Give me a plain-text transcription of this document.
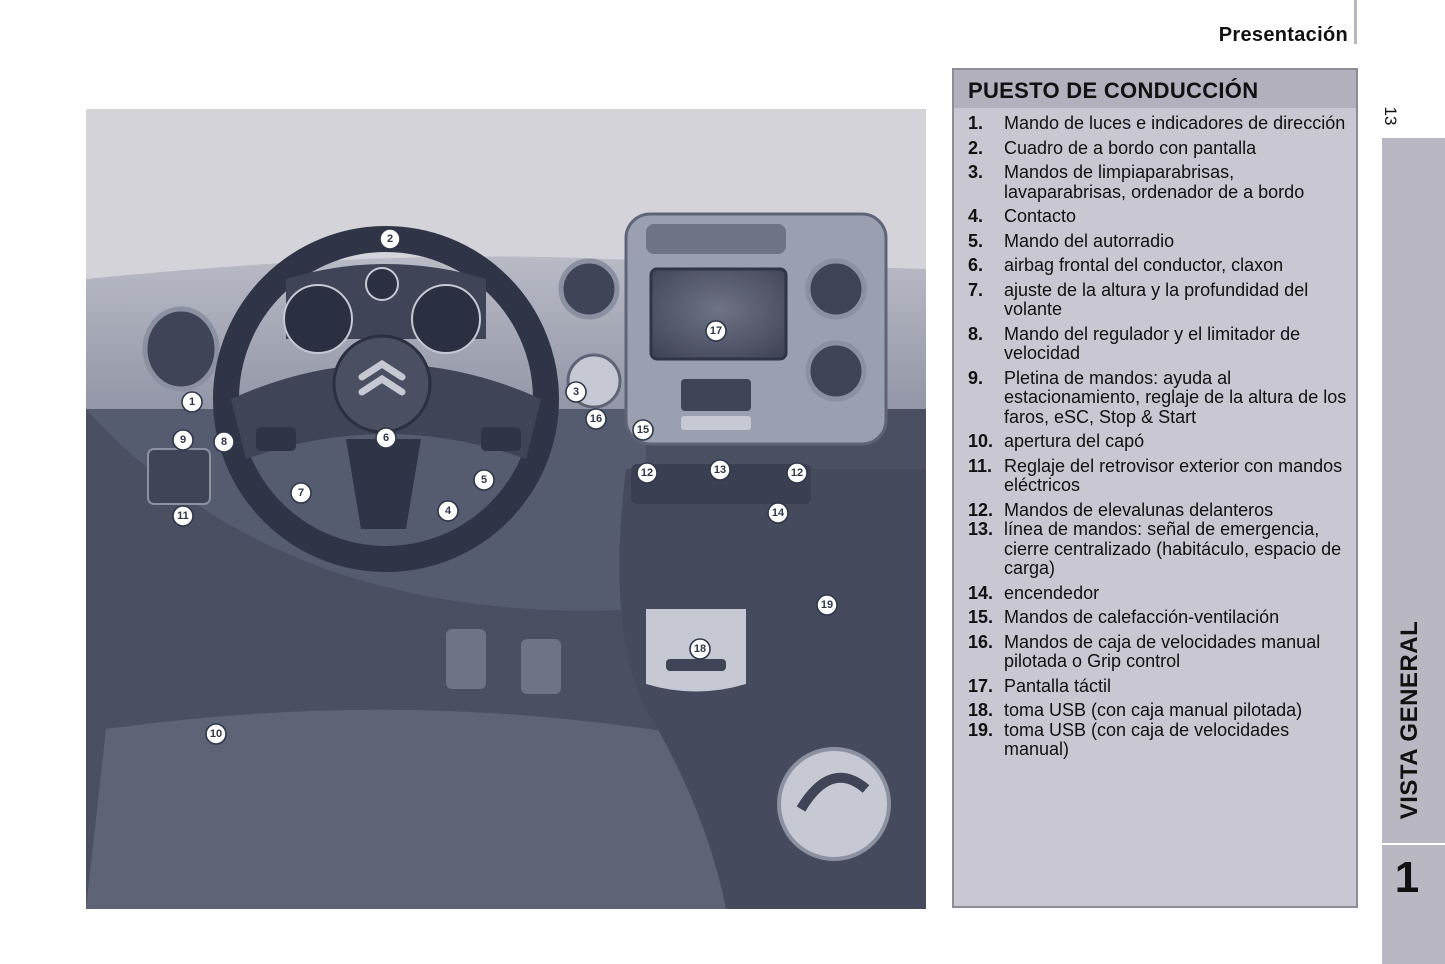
Presentación
13
VISTA GENERAL
1
1
2
3
4
5
6
7
8
9
10
11
12	12
13
14
15
16
17
18
19
PUESTO DE CONDUCCIÓN
1.	Mando de luces e indicadores de dirección
2.	Cuadro de a bordo con pantalla
3.	Mandos de limpiaparabrisas, lavaparabrisas, ordenador de a bordo
4.	Contacto
5.	Mando del autorradio
6.	airbag frontal del conductor, claxon
7.	ajuste de la altura y la profundidad del volante
8.	Mando del regulador y el limitador de velocidad
9.	Pletina de mandos: ayuda al estacionamiento, reglaje de la altura de los faros, eSC, Stop & Start
10. apertura del capó
11. Reglaje del retrovisor exterior con mandos eléctricos
12. Mandos de elevalunas delanteros
13. línea de mandos: señal de emergencia, cierre centralizado (habitáculo, espacio de carga)
14. encendedor
15. Mandos de calefacción-ventilación
16. Mandos de caja de velocidades manual pilotada o Grip control
17. Pantalla táctil
18. toma USB (con caja manual pilotada)
19. toma USB (con caja de velocidades manual)
